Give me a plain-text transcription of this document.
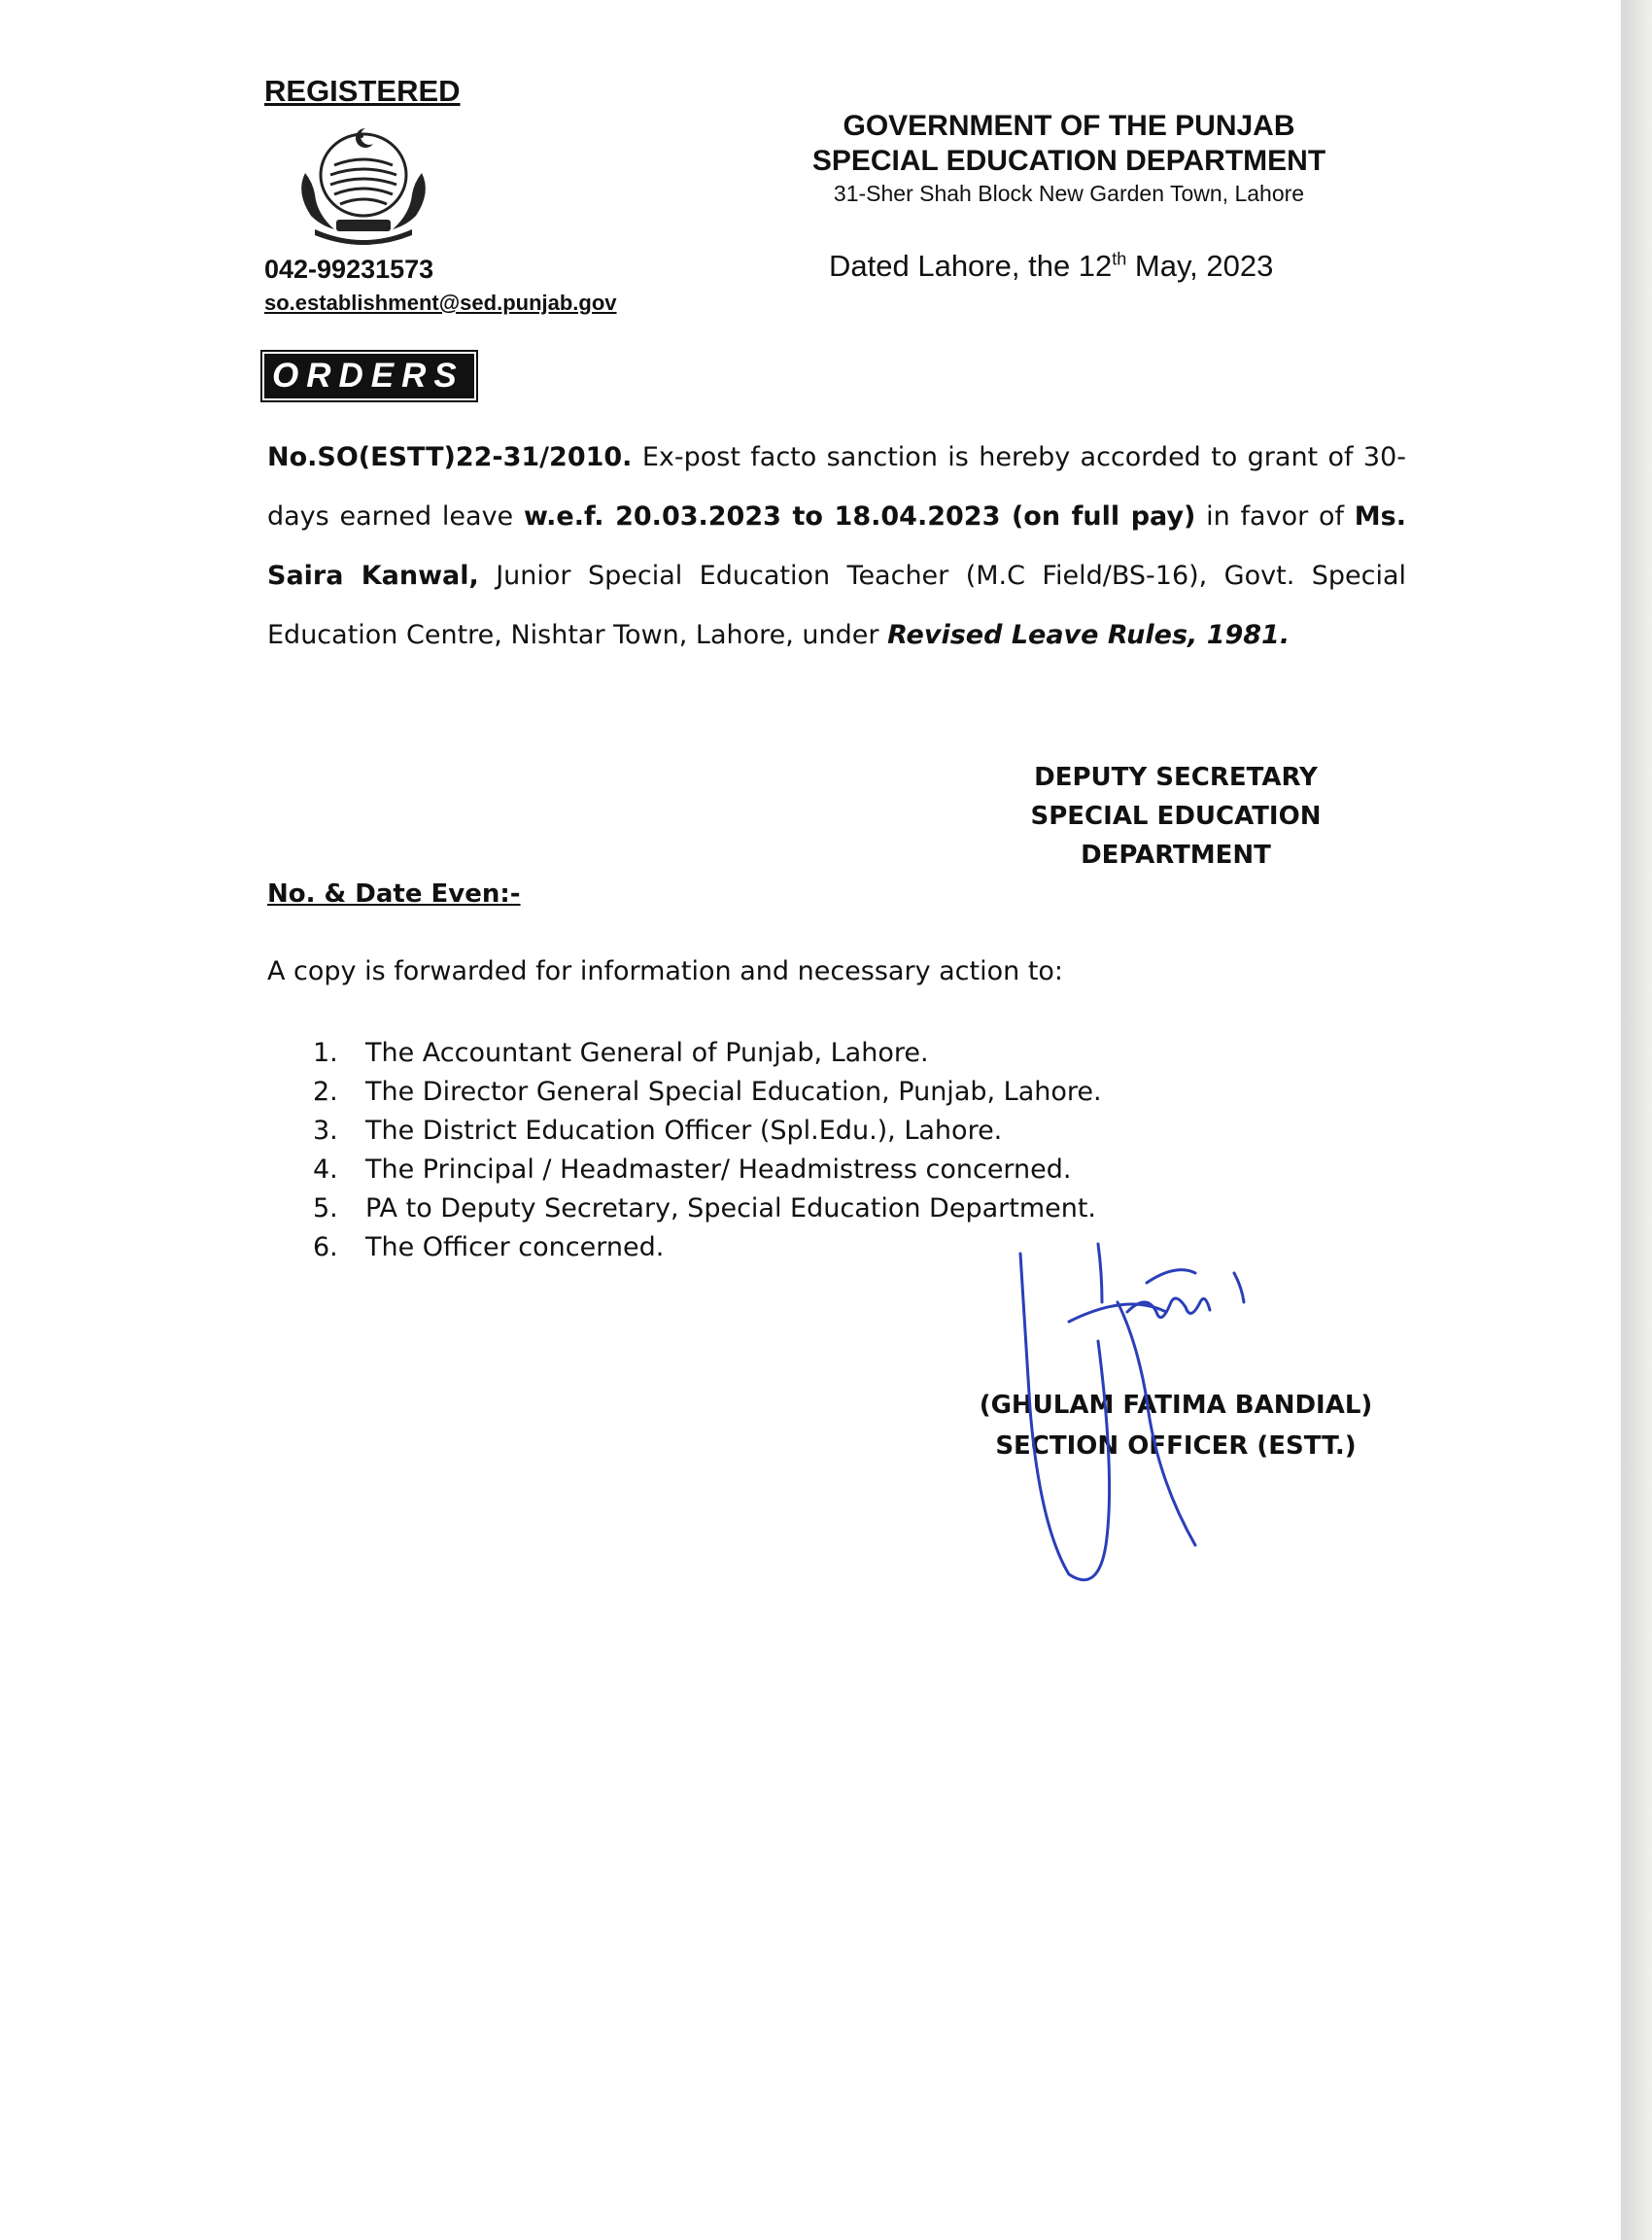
REGISTERED
042-99231573
so.establishment@sed.punjab.gov
GOVERNMENT OF THE PUNJAB
SPECIAL EDUCATION DEPARTMENT
31-Sher Shah Block New Garden Town, Lahore
Dated Lahore, the 12th May, 2023
ORDERS
No.SO(ESTT)22-31/2010. Ex-post facto sanction is hereby accorded to grant of 30-days earned leave w.e.f. 20.03.2023 to 18.04.2023 (on full pay) in favor of Ms. Saira Kanwal, Junior Special Education Teacher (M.C Field/BS-16), Govt. Special Education Centre, Nishtar Town, Lahore, under Revised Leave Rules, 1981.
DEPUTY SECRETARY
SPECIAL EDUCATION
DEPARTMENT
No. & Date Even:-
A copy is forwarded for information and necessary action to:
1.	The Accountant General of Punjab, Lahore.
2.	The Director General Special Education, Punjab, Lahore.
3.	The District Education Officer (Spl.Edu.), Lahore.
4.	The Principal / Headmaster/ Headmistress concerned.
5.	PA to Deputy Secretary, Special Education Department.
6.	The Officer concerned.
(GHULAM FATIMA BANDIAL)
SECTION OFFICER (ESTT.)
